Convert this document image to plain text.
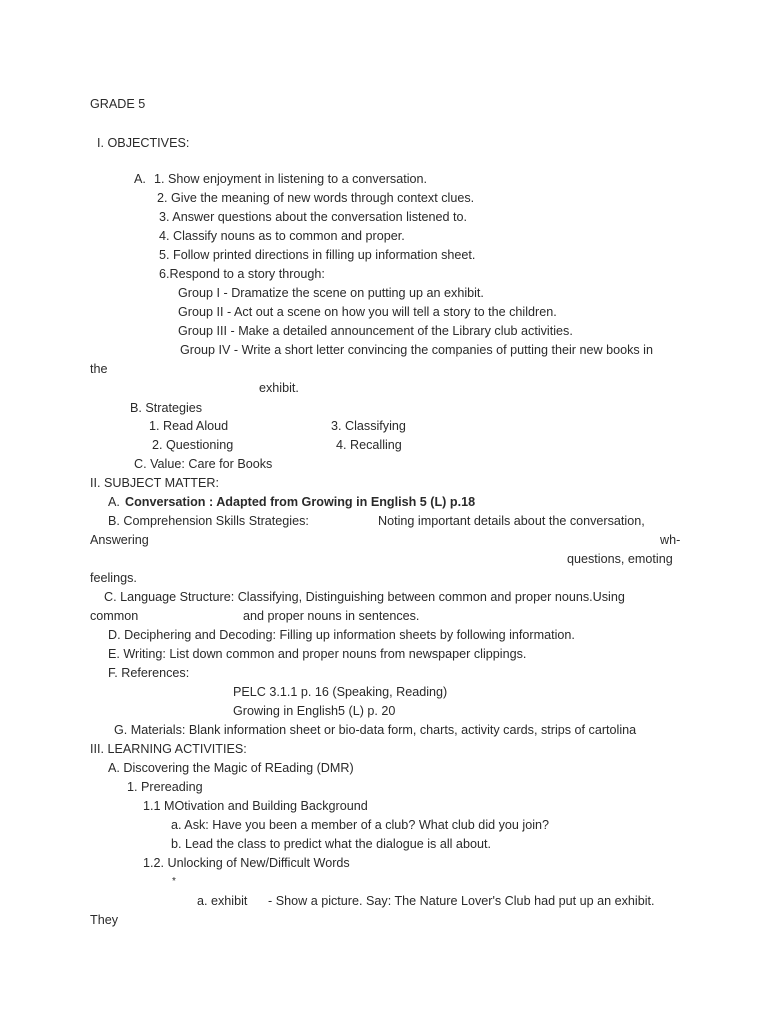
GRADE 5
I. OBJECTIVES:
A. 1. Show enjoyment in listening to a conversation.
2. Give the meaning of new words through context clues.
3. Answer questions about the conversation listened to.
4. Classify nouns as to common and proper.
5. Follow printed directions in filling up information sheet.
6.Respond to a story through:
Group I - Dramatize the scene on putting up an exhibit.
Group II - Act out a scene on how you will tell a story to the children.
Group III - Make a detailed announcement of the Library club activities.
Group IV - Write a short letter convincing the companies of putting their new books in
the
exhibit.
B. Strategies
1. Read Aloud	3. Classifying
2. Questioning	4. Recalling
C. Value: Care for Books
II. SUBJECT MATTER:
A. Conversation : Adapted from Growing in English 5 (L) p.18
B. Comprehension Skills Strategies:	Noting important details about the conversation,
Answering	wh-
questions, emoting
feelings.
C. Language Structure: Classifying, Distinguishing between common and proper nouns.Using
common	and proper nouns in sentences.
D. Deciphering and Decoding: Filling up information sheets by following information.
E. Writing: List down common and proper nouns from newspaper clippings.
F. References:
PELC 3.1.1 p. 16 (Speaking, Reading)
Growing in English5 (L) p. 20
G. Materials: Blank information sheet or bio-data form, charts, activity cards, strips of cartolina
III. LEARNING ACTIVITIES:
A. Discovering the Magic of REading (DMR)
1. Prereading
1.1 MOtivation and Building Background
a. Ask: Have you been a member of a club? What club did you join?
b. Lead the class to predict what the dialogue is all about.
1.2. Unlocking of New/Difficult Words
*
a. exhibit - Show a picture. Say: The Nature Lover's Club had put up an exhibit.
They
